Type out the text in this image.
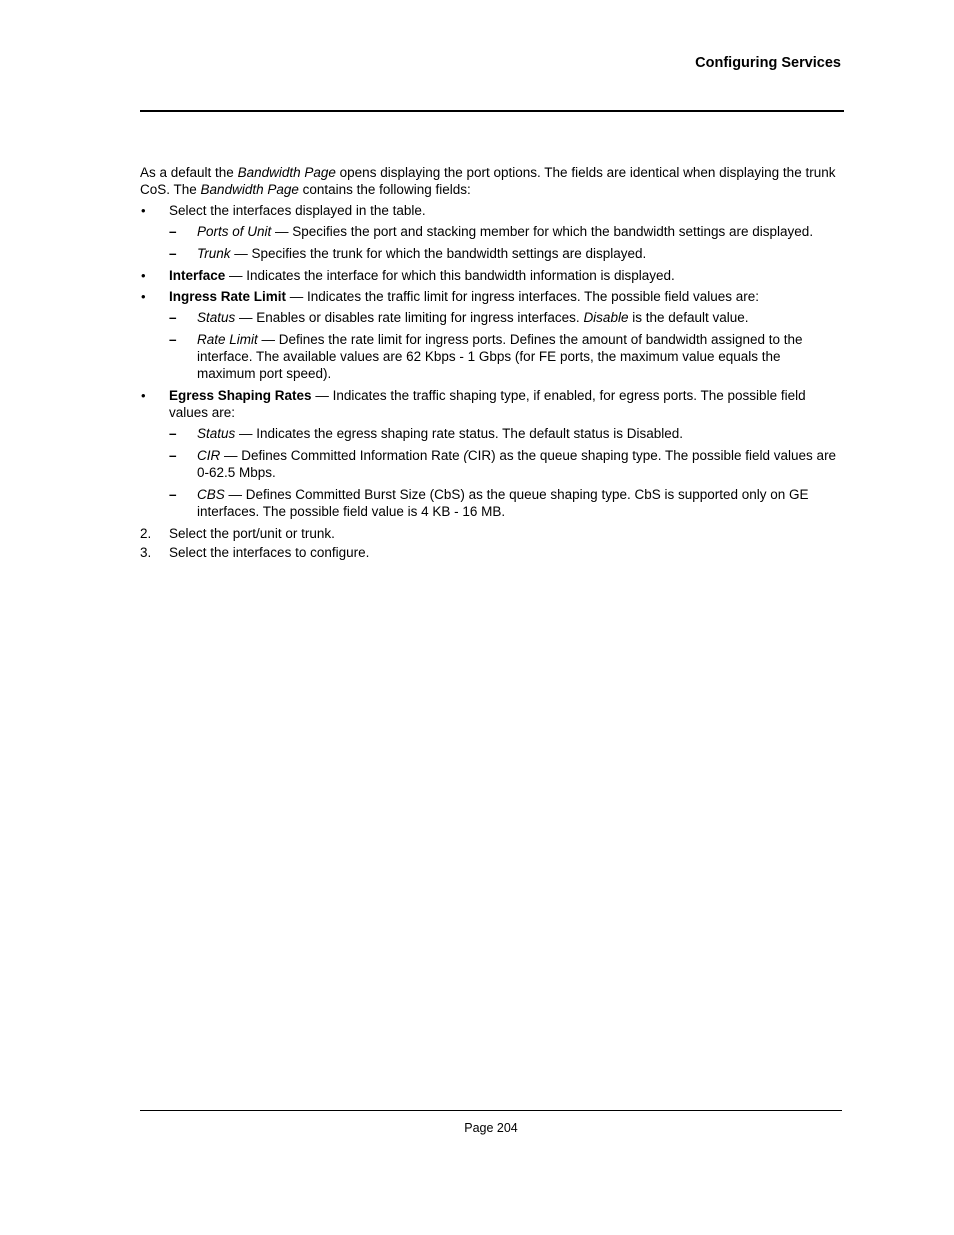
Configuring Services

As a default the Bandwidth Page opens displaying the port options. The fields are identical when displaying the trunk CoS. The Bandwidth Page contains the following fields:

• Select the interfaces displayed in the table.
– Ports of Unit — Specifies the port and stacking member for which the bandwidth settings are displayed.
– Trunk — Specifies the trunk for which the bandwidth settings are displayed.
• Interface — Indicates the interface for which this bandwidth information is displayed.
• Ingress Rate Limit — Indicates the traffic limit for ingress interfaces. The possible field values are:
– Status — Enables or disables rate limiting for ingress interfaces. Disable is the default value.
– Rate Limit — Defines the rate limit for ingress ports. Defines the amount of bandwidth assigned to the interface. The available values are 62 Kbps - 1 Gbps (for FE ports, the maximum value equals the maximum port speed).
• Egress Shaping Rates — Indicates the traffic shaping type, if enabled, for egress ports. The possible field values are:
– Status — Indicates the egress shaping rate status. The default status is Disabled.
– CIR — Defines Committed Information Rate (CIR) as the queue shaping type. The possible field values are 0-62.5 Mbps.
– CBS — Defines Committed Burst Size (CbS) as the queue shaping type. CbS is supported only on GE interfaces. The possible field value is 4 KB - 16 MB.
2. Select the port/unit or trunk.
3. Select the interfaces to configure.
Page 204
